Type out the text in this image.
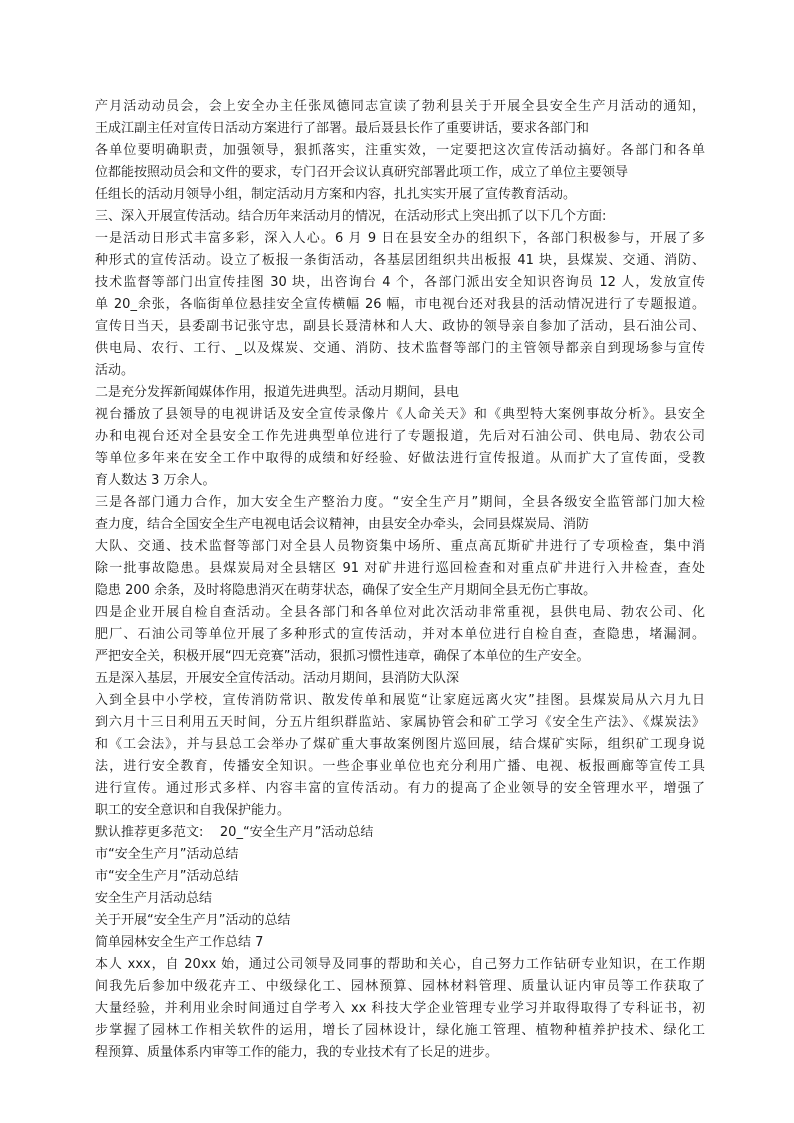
产月活动动员会，会上安全办主任张凤德同志宣读了勃利县关于开展全县安全生产月活动的通知，
王成江副主任对宣传日活动方案进行了部署。最后聂县长作了重要讲话，要求各部门和
各单位要明确职责，加强领导，狠抓落实，注重实效，一定要把这次宣传活动搞好。各部门和各单
位都能按照动员会和文件的要求，专门召开会议认真研究部署此项工作，成立了单位主要领导
任组长的活动月领导小组，制定活动月方案和内容，扎扎实实开展了宣传教育活动。
三、深入开展宣传活动。结合历年来活动月的情况，在活动形式上突出抓了以下几个方面:
一是活动日形式丰富多彩，深入人心。6 月 9 日在县安全办的组织下，各部门积极参与，开展了多
种形式的宣传活动。设立了板报一条街活动，各基层团组织共出板报 41 块，县煤炭、交通、消防、
技术监督等部门出宣传挂图 30 块，出咨询台 4 个，各部门派出安全知识咨询员 12 人，发放宣传
单 20_余张，各临街单位悬挂安全宣传横幅 26 幅，市电视台还对我县的活动情况进行了专题报道。
宣传日当天，县委副书记张守忠，副县长聂清林和人大、政协的领导亲自参加了活动，县石油公司、
供电局、农行、工行、_以及煤炭、交通、消防、技术监督等部门的主管领导都亲自到现场参与宣传
活动。
二是充分发挥新闻媒体作用，报道先进典型。活动月期间，县电
视台播放了县领导的电视讲话及安全宣传录像片《人命关天》和《典型特大案例事故分析》。县安全
办和电视台还对全县安全工作先进典型单位进行了专题报道，先后对石油公司、供电局、勃农公司
等单位多年来在安全工作中取得的成绩和好经验、好做法进行宣传报道。从而扩大了宣传面，受教
育人数达 3 万余人。
三是各部门通力合作，加大安全生产整治力度。“安全生产月”期间，全县各级安全监管部门加大检
查力度，结合全国安全生产电视电话会议精神，由县安全办牵头，会同县煤炭局、消防
大队、交通、技术监督等部门对全县人员物资集中场所、重点高瓦斯矿井进行了专项检查，集中消
除一批事故隐患。县煤炭局对全县辖区 91 对矿井进行巡回检查和对重点矿井进行入井检查，查处
隐患 200 余条，及时将隐患消灭在萌芽状态，确保了安全生产月期间全县无伤亡事故。
四是企业开展自检自查活动。全县各部门和各单位对此次活动非常重视，县供电局、勃农公司、化
肥厂、石油公司等单位开展了多种形式的宣传活动，并对本单位进行自检自查，查隐患，堵漏洞。
严把安全关，积极开展“四无竞赛”活动，狠抓习惯性违章，确保了本单位的生产安全。
五是深入基层，开展安全宣传活动。活动月期间，县消防大队深
入到全县中小学校，宣传消防常识、散发传单和展览“让家庭远离火灾”挂图。县煤炭局从六月九日
到六月十三日利用五天时间，分五片组织群监站、家属协管会和矿工学习《安全生产法》、《煤炭法》
和《工会法》，并与县总工会举办了煤矿重大事故案例图片巡回展，结合煤矿实际，组织矿工现身说
法，进行安全教育，传播安全知识。一些企事业单位也充分利用广播、电视、板报画廊等宣传工具
进行宣传。通过形式多样、内容丰富的宣传活动。有力的提高了企业领导的安全管理水平，增强了
职工的安全意识和自我保护能力。
默认推荐更多范文:    20_“安全生产月”活动总结
市“安全生产月”活动总结
市“安全生产月”活动总结
安全生产月活动总结
关于开展“安全生产月”活动的总结
简单园林安全生产工作总结 7
本人 xxx，自 20xx 始，通过公司领导及同事的帮助和关心，自己努力工作钻研专业知识，在工作期
间我先后参加中级花卉工、中级绿化工、园林预算、园林材料管理、质量认证内审员等工作获取了
大量经验，并利用业余时间通过自学考入 xx 科技大学企业管理专业学习并取得取得了专科证书，初
步掌握了园林工作相关软件的运用，增长了园林设计，绿化施工管理、植物种植养护技术、绿化工
程预算、质量体系内审等工作的能力，我的专业技术有了长足的进步。
